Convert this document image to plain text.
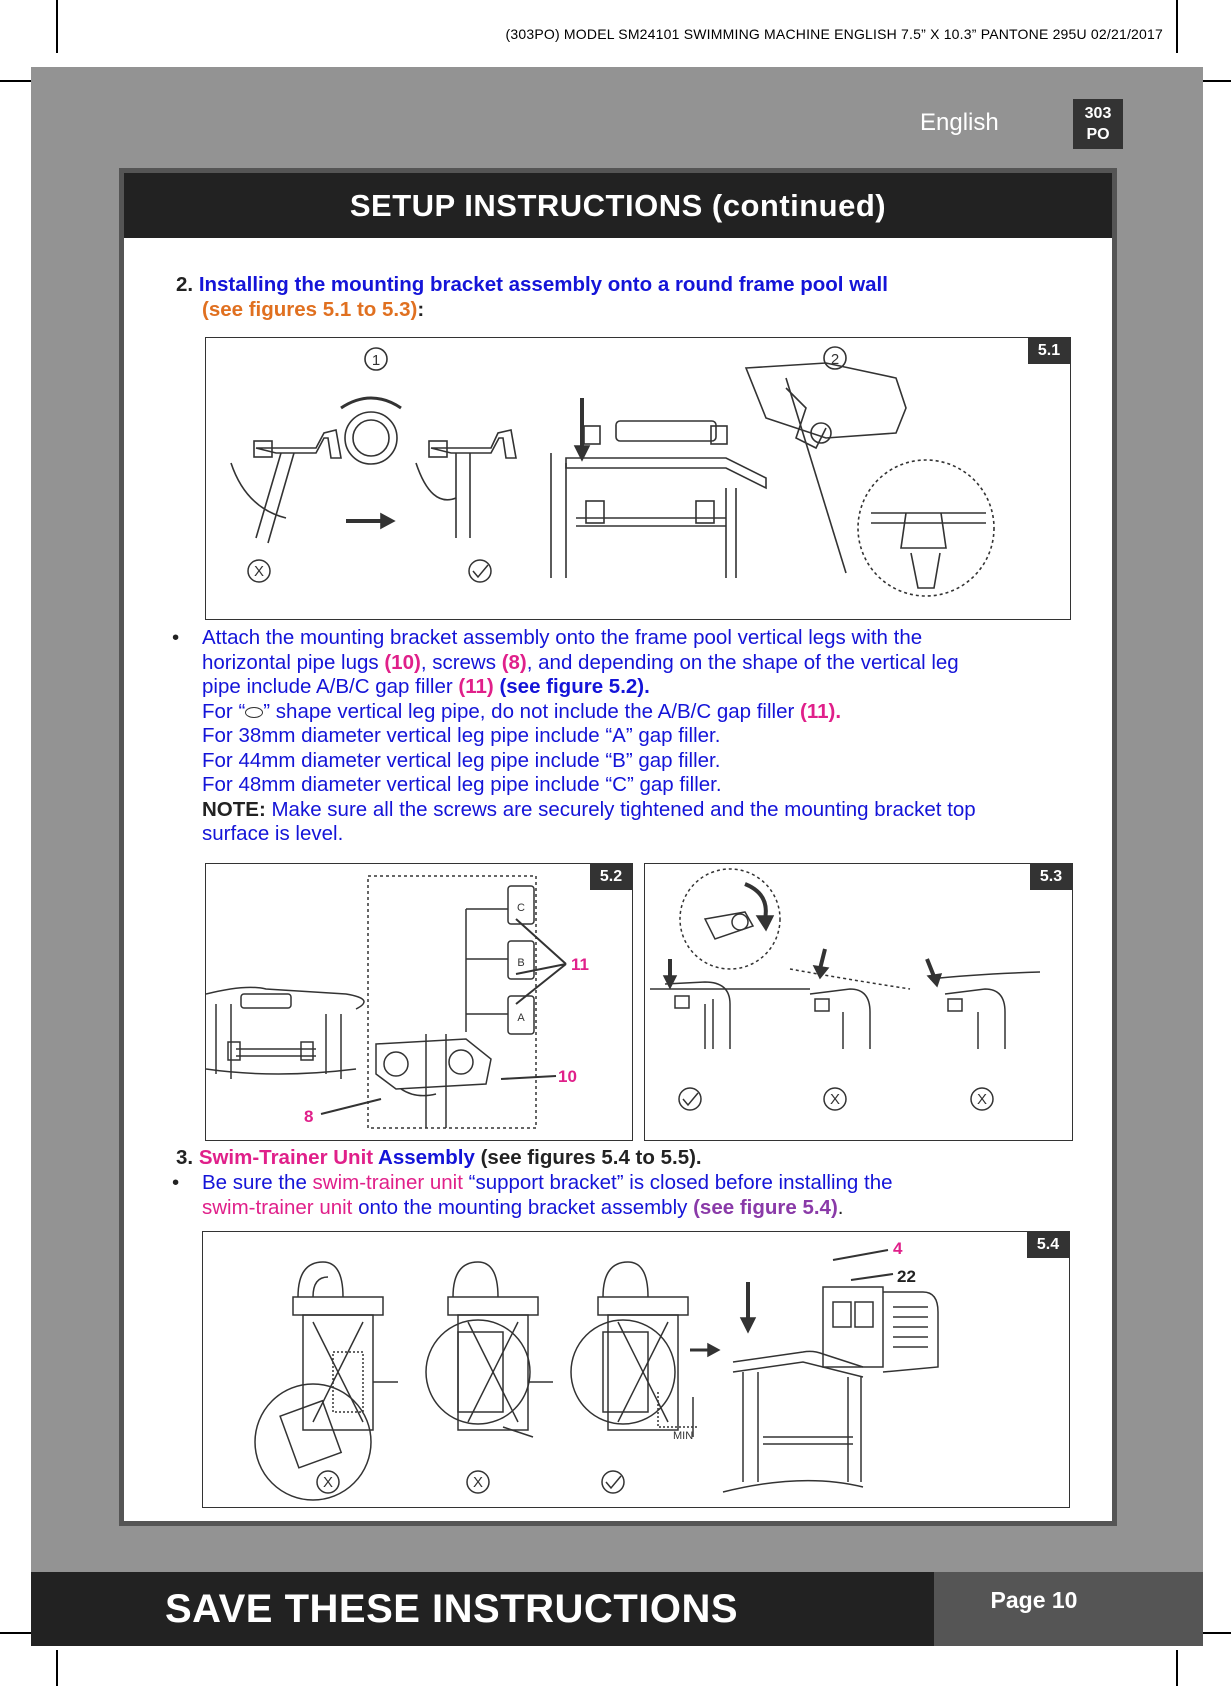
(303PO) MODEL SM24101 SWIMMING MACHINE ENGLISH 7.5” X 10.3” PANTONE 295U 02/21/2017
English	303
PO
SETUP INSTRUCTIONS (continued)
2. Installing the mounting bracket assembly onto a round frame pool wall
(see figures 5.1 to 5.3):
5.1
1	2
X
• Attach the mounting bracket assembly onto the frame pool vertical legs with the
horizontal pipe lugs (10), screws (8), and depending on the shape of the vertical leg
pipe include A/B/C gap filler (11) (see figure 5.2).
For “ ” shape vertical leg pipe, do not include the A/B/C gap filler (11).
For 38mm diameter vertical leg pipe include “A” gap filler.
For 44mm diameter vertical leg pipe include “B” gap filler.
For 48mm diameter vertical leg pipe include “C” gap filler.
NOTE: Make sure all the screws are securely tightened and the mounting bracket top
surface is level.
5.2
C
B
A
11
10
8
5.3
X	X
3. Swim-Trainer Unit Assembly (see figures 5.4 to 5.5).
• Be sure the swim-trainer unit “support bracket” is closed before installing the
swim-trainer unit onto the mounting bracket assembly (see figure 5.4).
5.4
X	X
MIN
4
22
SAVE THESE INSTRUCTIONS	Page 10
